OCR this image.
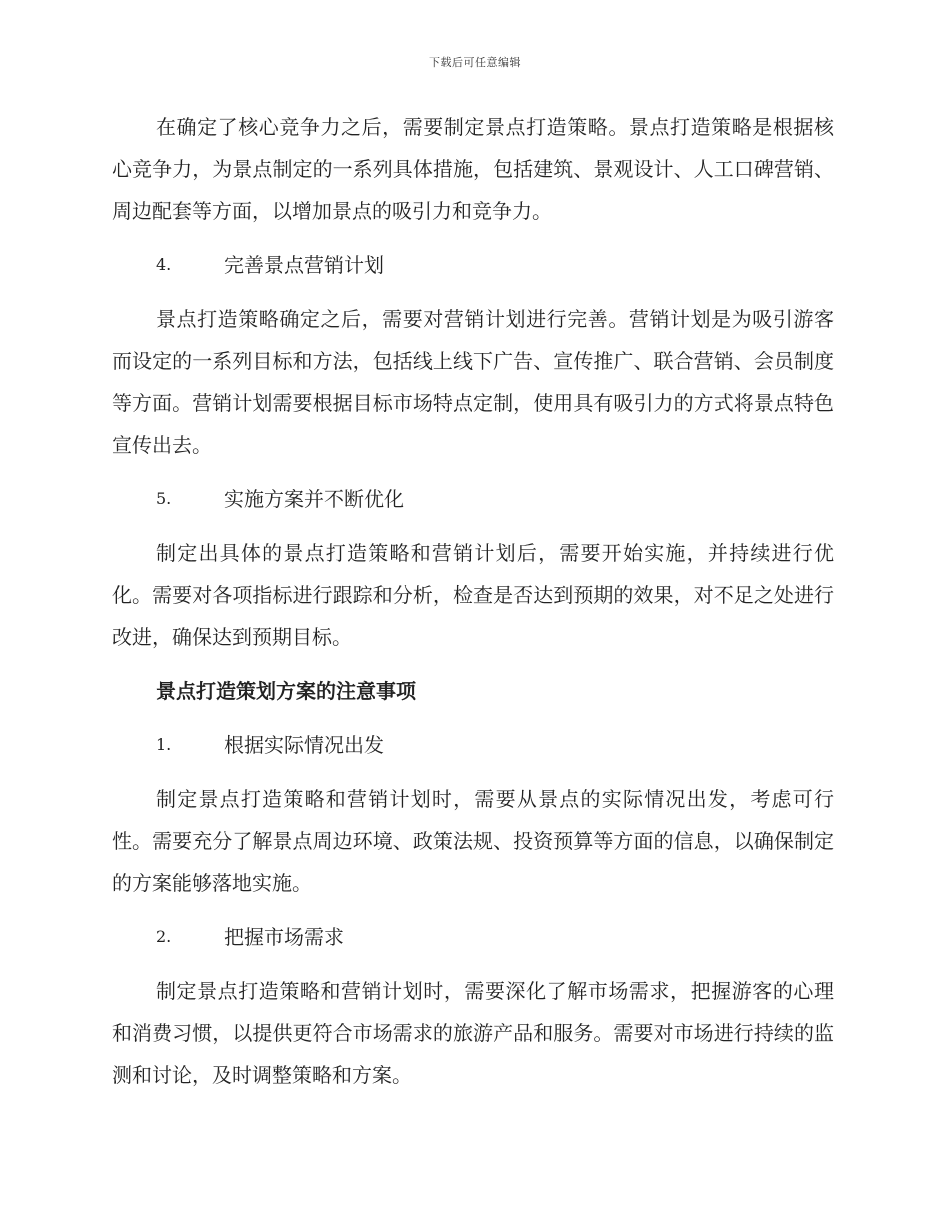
下载后可任意编辑

在确定了核心竞争力之后，需要制定景点打造策略。景点打造策略是根据核心竞争力，为景点制定的一系列具体措施，包括建筑、景观设计、人工口碑营销、周边配套等方面，以增加景点的吸引力和竞争力。

4.	完善景点营销计划

景点打造策略确定之后，需要对营销计划进行完善。营销计划是为吸引游客而设定的一系列目标和方法，包括线上线下广告、宣传推广、联合营销、会员制度等方面。营销计划需要根据目标市场特点定制，使用具有吸引力的方式将景点特色宣传出去。

5.	实施方案并不断优化

制定出具体的景点打造策略和营销计划后，需要开始实施，并持续进行优化。需要对各项指标进行跟踪和分析，检查是否达到预期的效果，对不足之处进行改进，确保达到预期目标。

景点打造策划方案的注意事项
1.	根据实际情况出发

制定景点打造策略和营销计划时，需要从景点的实际情况出发，考虑可行性。需要充分了解景点周边环境、政策法规、投资预算等方面的信息，以确保制定的方案能够落地实施。

2.	把握市场需求

制定景点打造策略和营销计划时，需要深化了解市场需求，把握游客的心理和消费习惯，以提供更符合市场需求的旅游产品和服务。需要对市场进行持续的监测和讨论，及时调整策略和方案。
